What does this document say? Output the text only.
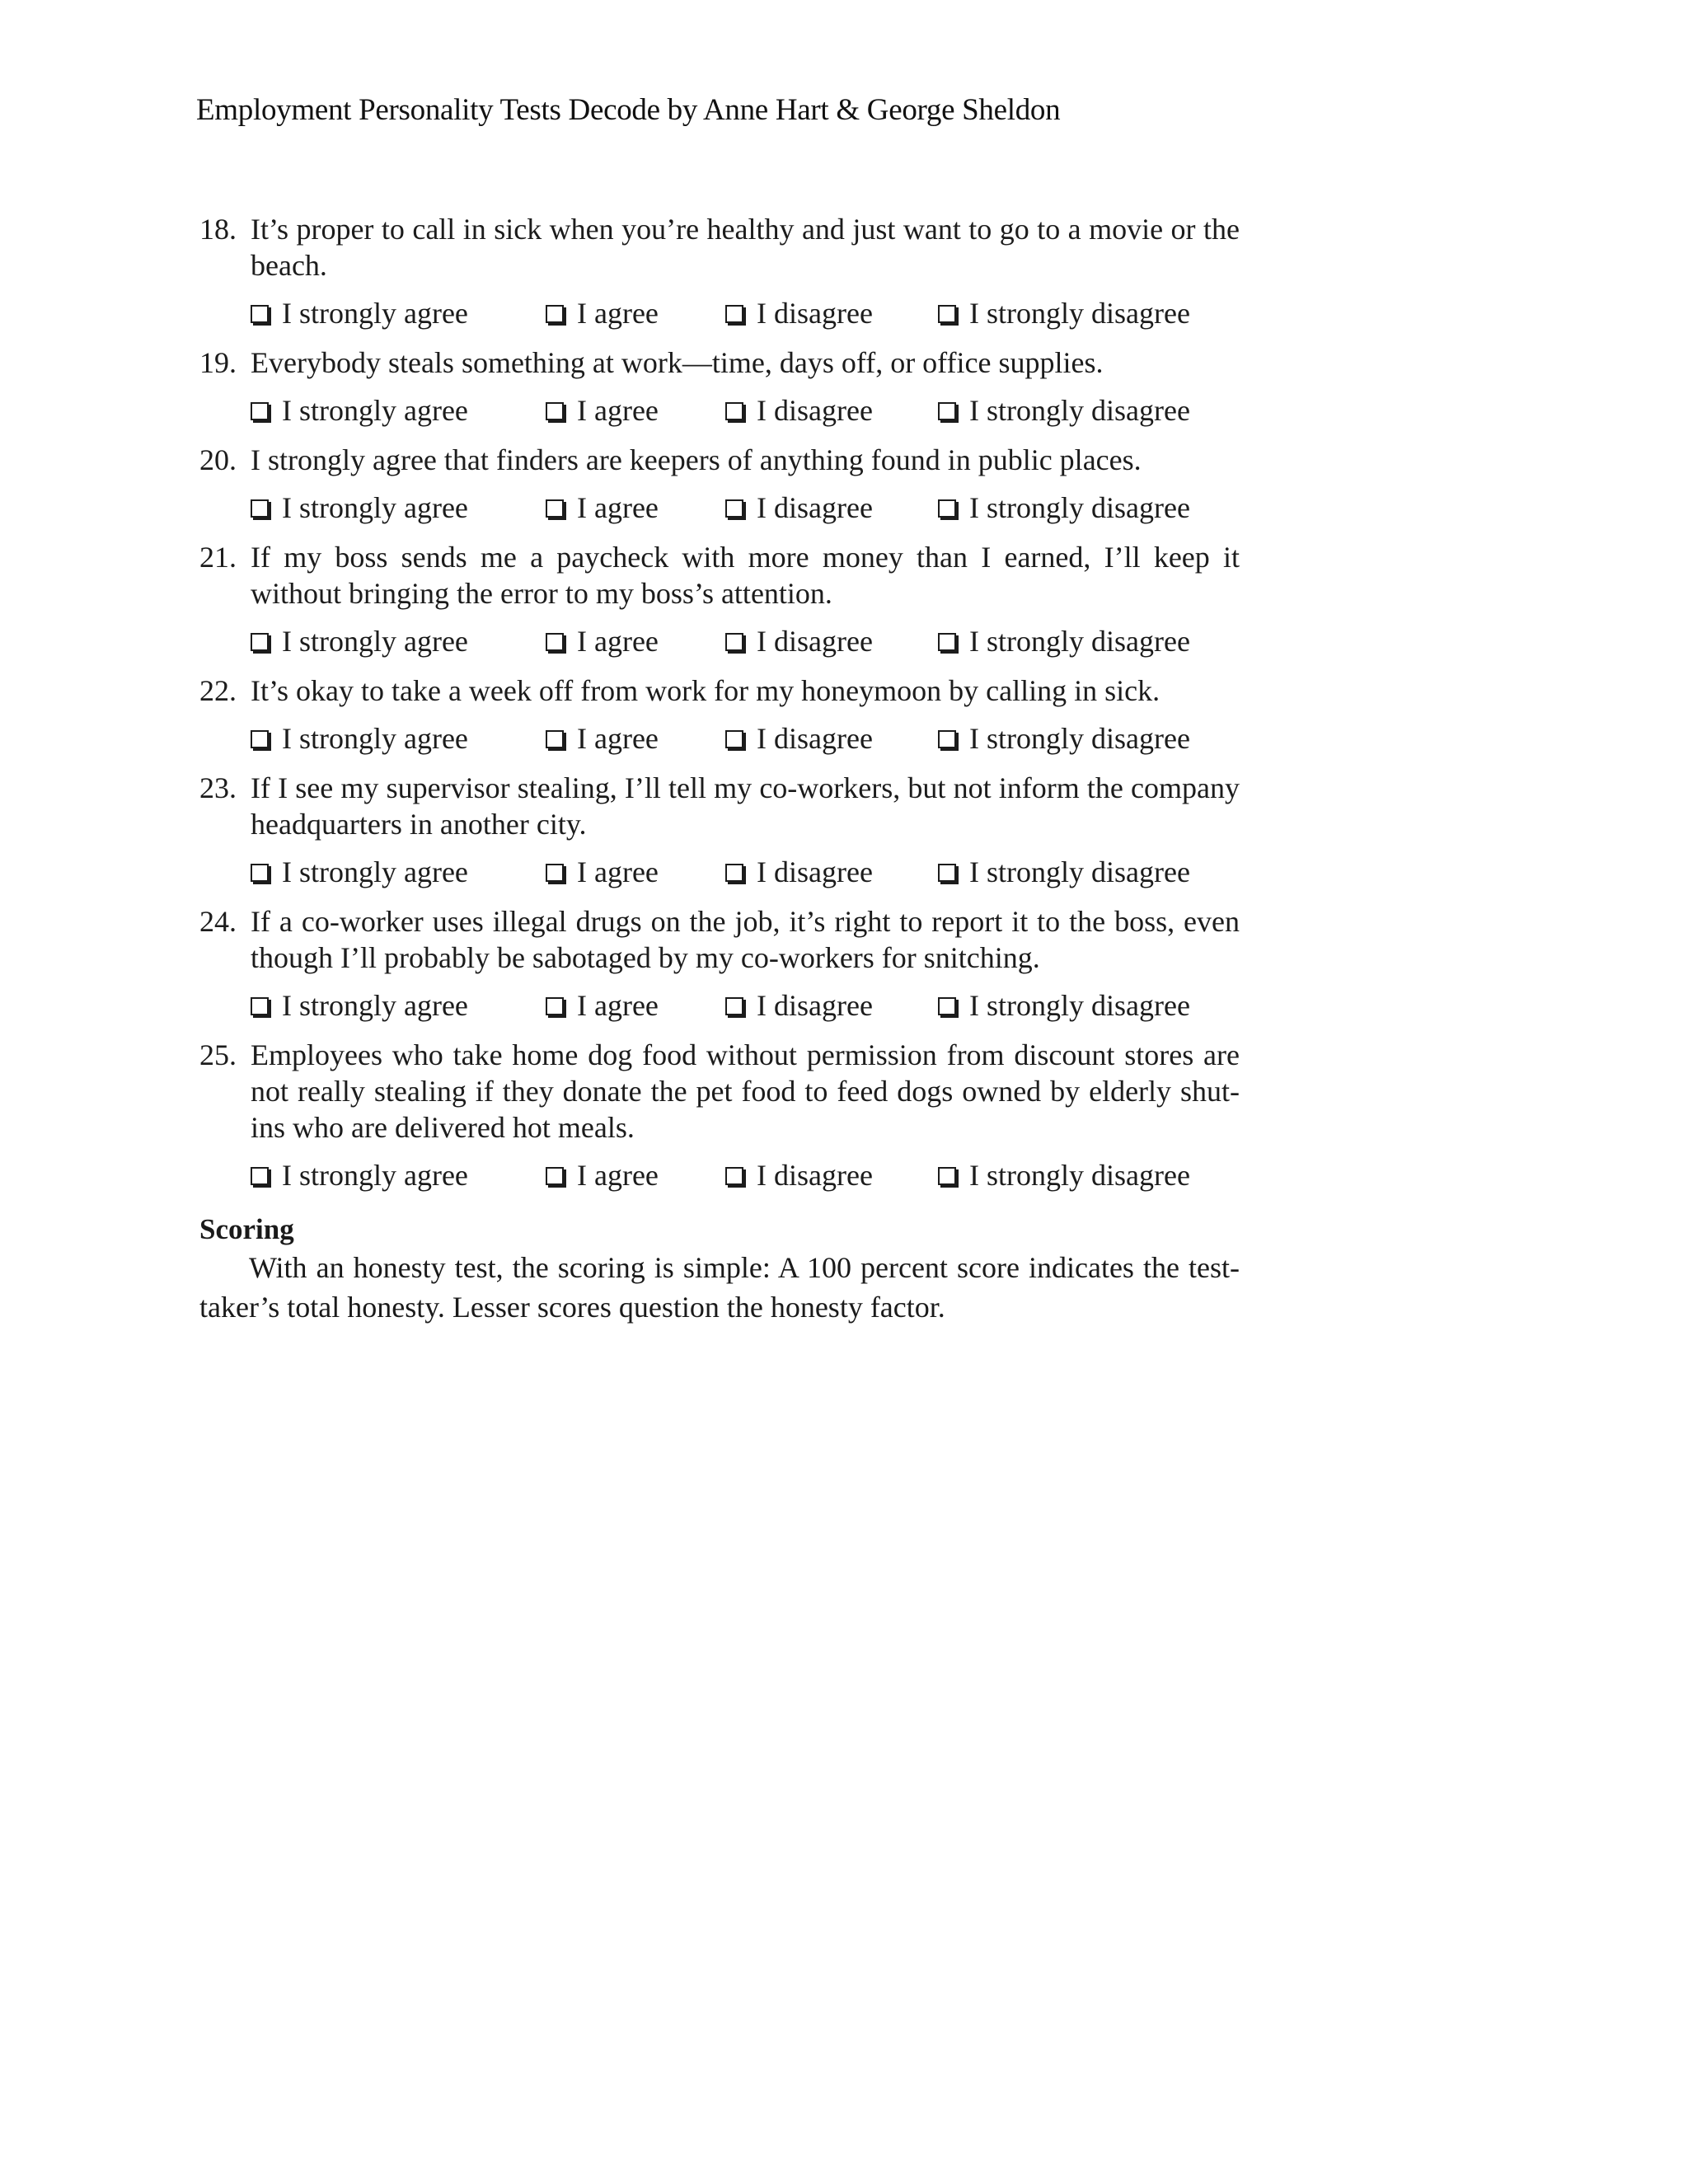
Employment Personality Tests Decode by Anne Hart & George Sheldon
18. It’s proper to call in sick when you’re healthy and just want to go to a movie or the beach.
I strongly agree	I agree	I disagree	I strongly disagree
19. Everybody steals something at work—time, days off, or office supplies.
I strongly agree	I agree	I disagree	I strongly disagree
20. I strongly agree that finders are keepers of anything found in public places.
I strongly agree	I agree	I disagree	I strongly disagree
21. If my boss sends me a paycheck with more money than I earned, I’ll keep it without bringing the error to my boss’s attention.
I strongly agree	I agree	I disagree	I strongly disagree
22. It’s okay to take a week off from work for my honeymoon by calling in sick.
I strongly agree	I agree	I disagree	I strongly disagree
23. If I see my supervisor stealing, I’ll tell my co-workers, but not inform the company headquarters in another city.
I strongly agree	I agree	I disagree	I strongly disagree
24. If a co-worker uses illegal drugs on the job, it’s right to report it to the boss, even though I’ll probably be sabotaged by my co-workers for snitching.
I strongly agree	I agree	I disagree	I strongly disagree
25. Employees who take home dog food without permission from discount stores are not really stealing if they donate the pet food to feed dogs owned by elderly shut-ins who are delivered hot meals.
I strongly agree	I agree	I disagree	I strongly disagree
Scoring
With an honesty test, the scoring is simple: A 100 percent score indicates the test-taker’s total honesty. Lesser scores question the honesty factor.
